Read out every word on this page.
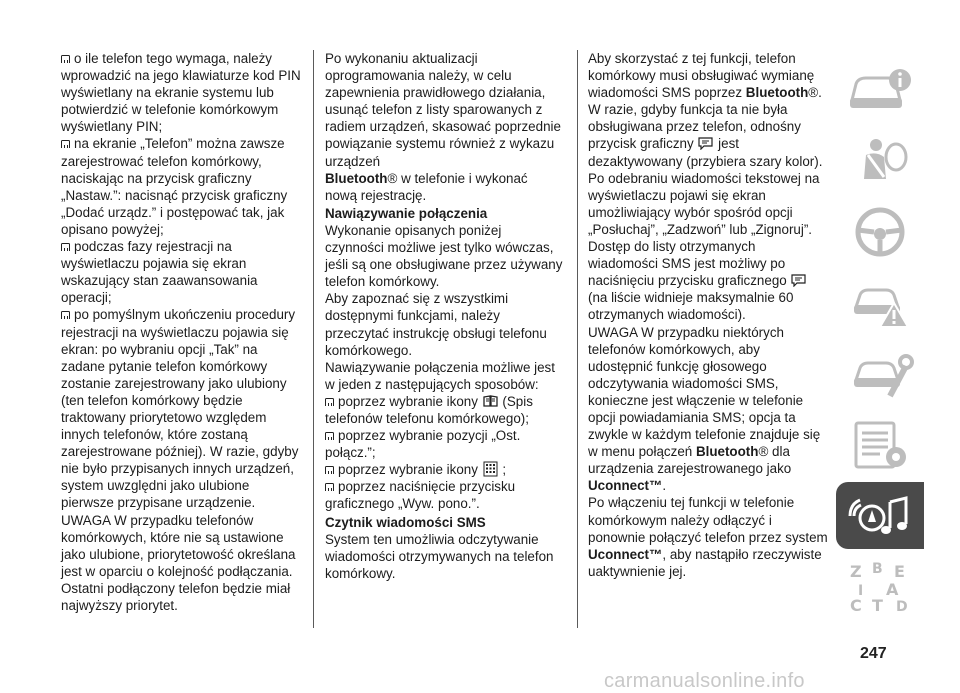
o ile telefon tego wymaga, należy wprowadzić na jego klawiaturze kod PIN wyświetlany na ekranie systemu lub potwierdzić w telefonie komórkowym wyświetlany PIN;

na ekranie „Telefon” można zawsze zarejestrować telefon komórkowy, naciskając na przycisk graficzny „Nastaw.”: nacisnąć przycisk graficzny „Dodać urządz.” i postępować tak, jak opisano powyżej;

podczas fazy rejestracji na wyświetlaczu pojawia się ekran wskazujący stan zaawansowania operacji;

po pomyślnym ukończeniu procedury rejestracji na wyświetlaczu pojawia się ekran: po wybraniu opcji „Tak” na zadane pytanie telefon komórkowy zostanie zarejestrowany jako ulubiony (ten telefon komórkowy będzie traktowany priorytetowo względem innych telefonów, które zostaną zarejestrowane później). W razie, gdyby nie było przypisanych innych urządzeń, system uwzględni jako ulubione pierwsze przypisane urządzenie.

UWAGA W przypadku telefonów komórkowych, które nie są ustawione jako ulubione, priorytetowość określana jest w oparciu o kolejność podłączania. Ostatni podłączony telefon będzie miał najwyższy priorytet.

Po wykonaniu aktualizacji oprogramowania należy, w celu zapewnienia prawidłowego działania, usunąć telefon z listy sparowanych z radiem urządzeń, skasować poprzednie powiązanie systemu również z wykazu urządzeń
Bluetooth® w telefonie i wykonać nową rejestrację.

Nawiązywanie połączenia

Wykonanie opisanych poniżej czynności możliwe jest tylko wówczas, jeśli są one obsługiwane przez używany telefon komórkowy.

Aby zapoznać się z wszystkimi dostępnymi funkcjami, należy przeczytać instrukcję obsługi telefonu komórkowego.

Nawiązywanie połączenia możliwe jest w jeden z następujących sposobów:

poprzez wybranie ikony (Spis telefonów telefonu komórkowego);

poprzez wybranie pozycji „Ost. połącz.”;

poprzez wybranie ikony ;

poprzez naciśnięcie przycisku graficznego „Wyw. pono.”.

Czytnik wiadomości SMS

System ten umożliwia odczytywanie wiadomości otrzymywanych na telefon komórkowy.

Aby skorzystać z tej funkcji, telefon komórkowy musi obsługiwać wymianę wiadomości SMS poprzez Bluetooth®.

W razie, gdyby funkcja ta nie była obsługiwana przez telefon, odnośny przycisk graficzny jest dezaktywowany (przybiera szary kolor).

Po odebraniu wiadomości tekstowej na wyświetlaczu pojawi się ekran umożliwiający wybór spośród opcji „Posłuchaj”, „Zadzwoń” lub „Zignoruj”.

Dostęp do listy otrzymanych wiadomości SMS jest możliwy po naciśnięciu przycisku graficznego  (na liście widnieje maksymalnie 60 otrzymanych wiadomości).

UWAGA W przypadku niektórych telefonów komórkowych, aby udostępnić funkcję głosowego odczytywania wiadomości SMS, konieczne jest włączenie w telefonie opcji powiadamiania SMS; opcja ta zwykle w każdym telefonie znajduje się w menu połączeń Bluetooth® dla urządzenia zarejestrowanego jako Uconnect™.

Po włączeniu tej funkcji w telefonie komórkowym należy odłączyć i ponownie połączyć telefon przez system Uconnect™, aby nastąpiło rzeczywiste uaktywnienie jej.	Z B E
I A
C T D
247
carmanualsonline.info
